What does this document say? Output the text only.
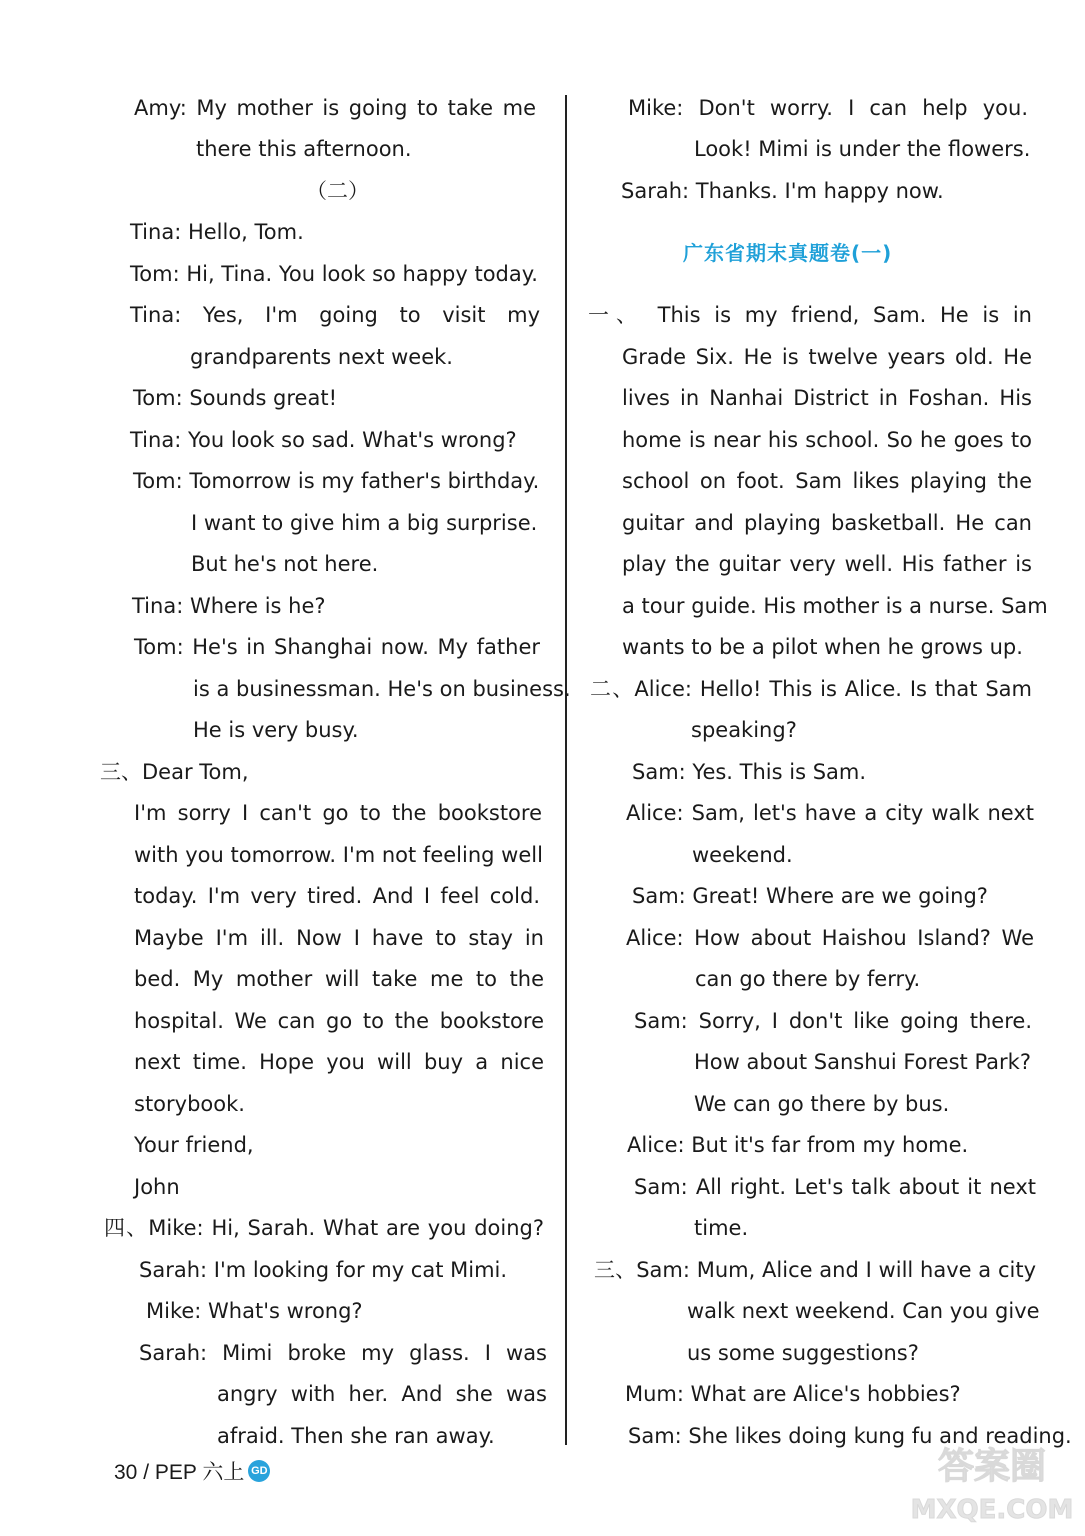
Amy: My mother is going to take me
there this afternoon.
（二）
Tina: Hello, Tom.
Tom: Hi, Tina. You look so happy today.
Tina: Yes, I'm going to visit my
grandparents next week.
Tom: Sounds great!
Tina: You look so sad. What's wrong?
Tom: Tomorrow is my father's birthday.
I want to give him a big surprise.
But he's not here.
Tina: Where is he?
Tom: He's in Shanghai now. My father
is a businessman. He's on business.
He is very busy.
三、Dear Tom,
I'm sorry I can't go to the bookstore
with you tomorrow. I'm not feeling well
today. I'm very tired. And I feel cold.
Maybe I'm ill. Now I have to stay in
bed. My mother will take me to the
hospital. We can go to the bookstore
next time. Hope you will buy a nice
storybook.
Your friend,
John
四、Mike: Hi, Sarah. What are you doing?
Sarah: I'm looking for my cat Mimi.
Mike: What's wrong?
Sarah: Mimi broke my glass. I was
angry with her. And she was
afraid. Then she ran away.
Mike: Don't worry. I can help you.
Look! Mimi is under the flowers.
Sarah: Thanks. I'm happy now.
广东省期末真题卷(一)
一、 This is my friend, Sam. He is in
Grade Six. He is twelve years old. He
lives in Nanhai District in Foshan. His
home is near his school. So he goes to
school on foot. Sam likes playing the
guitar and playing basketball. He can
play the guitar very well. His father is
a tour guide. His mother is a nurse. Sam
wants to be a pilot when he grows up.
二、Alice: Hello! This is Alice. Is that Sam
speaking?
Sam: Yes. This is Sam.
Alice: Sam, let's have a city walk next
weekend.
Sam: Great! Where are we going?
Alice: How about Haishou Island? We
can go there by ferry.
Sam: Sorry, I don't like going there.
How about Sanshui Forest Park?
We can go there by bus.
Alice: But it's far from my home.
Sam: All right. Let's talk about it next
time.
三、Sam: Mum, Alice and I will have a city
walk next weekend. Can you give
us some suggestions?
Mum: What are Alice's hobbies?
Sam: She likes doing kung fu and reading.
30 / PEP 六上 GD	答案圈
MXQE.COM
